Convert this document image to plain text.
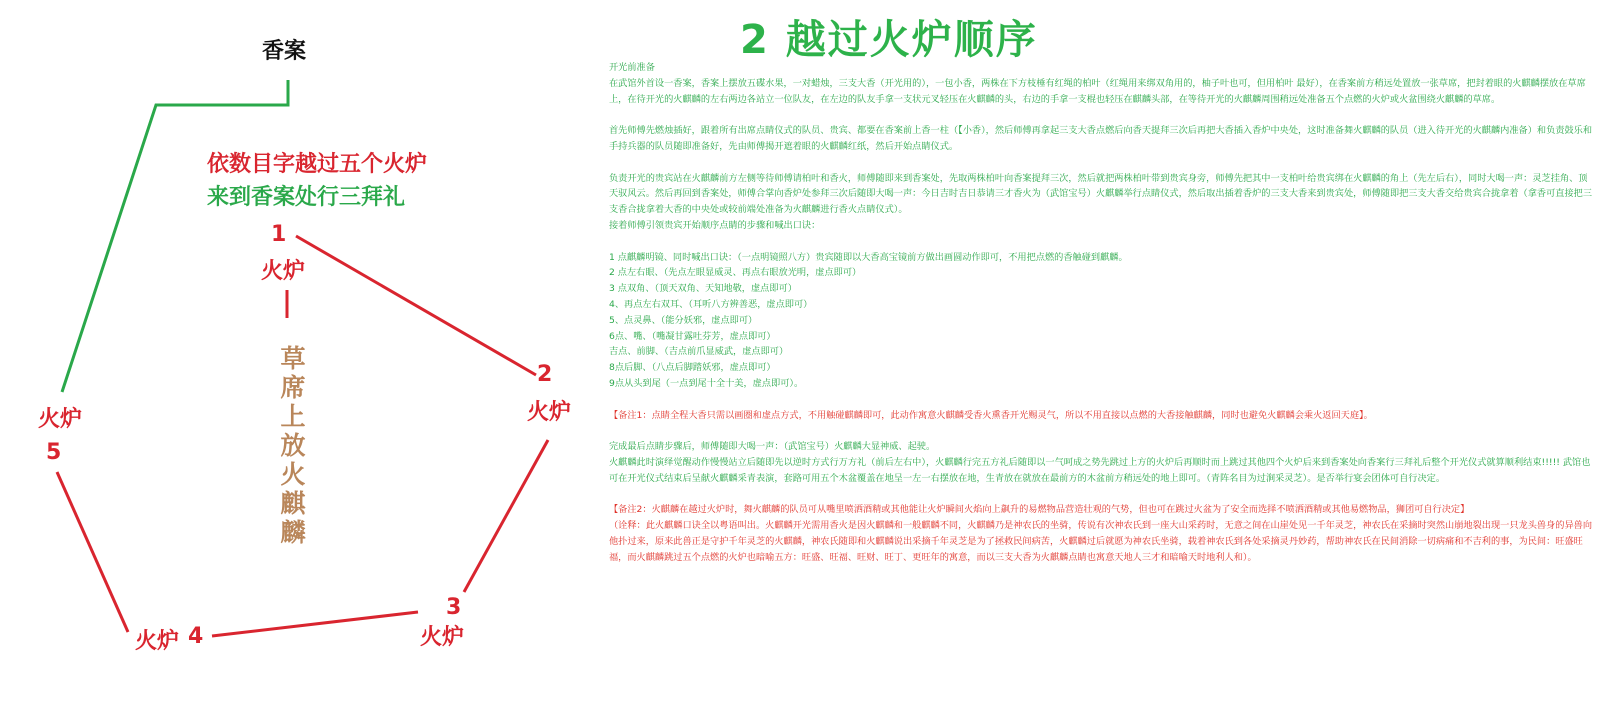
香案
依数目字越过五个火炉
来到香案处行三拜礼
草席上放火麒麟
1
火炉
2
火炉
3
火炉
火炉 4
火炉
5
2 越过火炉顺序

开光前准备

在武馆外首设一香案，香案上摆放五碟水果，一对蜡烛，三支大香（开光用的），一包小香，两株在下方枝棰有红绳的柏叶（红绳用来绑双角用的，柚子叶也可，但用柏叶 最好），在香案前方稍远处置放一张草席，把封着眼的火麒麟摆放在草席上，在待开光的火麒麟的左右两边各站立一位队友，在左边的队友手拿一支状元叉轻压在火麒麟的头，右边的手拿一支棍也轻压在麒麟头部，在等待开光的火麒麟周围稍远处准备五个点燃的火炉或火盆围绕火麒麟的草席。

首先师傅先燃烛插好，跟着所有出席点睛仪式的队员、贵宾、都要在香案前上香一柱（【小香），然后师傅再拿起三支大香点燃后向香天提拜三次后再把大香插入香炉中央处，这时准备舞火麒麟的队员（进入待开光的火麒麟内准备）和负责鼓乐和手持兵器的队员随即准备好，先由师傅揭开遮着眼的火麒麟红纸，然后开始点睛仪式。

负责开光的贵宾站在火麒麟前方左侧等待师傅请柏叶和香火，师傅随即来到香案处，先取两株柏叶向香案提拜三次，然后就把两株柏叶带到贵宾身旁，师傅先把其中一支柏叶给贵宾绑在火麒麟的角上（先左后右），同时大喝一声：灵芝挂角、顶天驭风云。然后再回到香案处，师傅合掌向香炉处参拜三次后随即大喝一声：今日吉时吉日恭请三才香火为（武馆宝号）火麒麟举行点睛仪式，然后取出插着香炉的三支大香来到贵宾处，师傅随即把三支大香交给贵宾合拢拿着（拿香可直接把三支香合拢拿着大香的中央处或较前端处准备为火麒麟进行香火点睛仪式）。

接着师傅引领贵宾开始顺序点睛的步骤和喊出口诀：

1 点麒麟明镜、同时喊出口诀：（一点明镜照八方）贵宾随即以大香高宝镜前方做出画圆动作即可，不用把点燃的香触碰到麒麟。

2 点左右眼、（先点左眼显威灵、再点右眼放光明，虚点即可）

3 点双角、（顶天双角、天知地敬，虚点即可）

4、再点左右双耳、（耳听八方辨善恶，虚点即可）

5、点灵鼻、（能分妖邪，虚点即可）

6点、嘴、（嘴凝甘露吐芬芳，虚点即可）

吉点、前脚、（吉点前爪显威武，虚点即可）

8点后脚、（八点后脚踏妖邪，虚点即可）

9点从头到尾（一点到尾十全十美，虚点即可）。

【备注1：点睛全程大香只需以画圈和虚点方式，不用触碰麒麟即可，此动作寓意火麒麟受香火熏香开光赐灵气，所以不用直接以点燃的大香接触麒麟，同时也避免火麒麟会乘火返回天庭】。

完成最后点睛步骤后，师傅随即大喝一声：（武馆宝号）火麒麟大显神威、起驶。

火麒麟此时演绎觉醒动作慢慢站立后随即先以逆时方式行万方礼（前后左右中），火麒麟行完五方礼后随即以一气呵成之势先跳过上方的火炉后再顺时而上跳过其他四个火炉后来到香案处向香案行三拜礼后整个开光仪式就算顺利结束!!!!! 武馆也可在开光仪式结束后呈献火麒麟采青表演，套路可用五个木盆覆盖在地呈一左一右摆放在地，生青放在就放在最前方的木盆前方稍远处的地上即可。（青阵名目为过涧采灵芝）。是否举行宴会团体可自行决定。

【备注2：火麒麟在越过火炉时，舞火麒麟的队员可从嘴里喷洒酒精或其他能让火炉瞬间火焰向上飙升的易燃物品营造壮观的气势，但也可在跳过火盆为了安全而选择不喷洒酒精或其他易燃物品，狮团可自行决定】

（诠释：此火麒麟口诀全以粤语叫出。火麒麟开光需用香火是因火麒麟和一般麒麟不同，火麒麟乃是神农氏的坐骑，传说有次神农氏到一座大山采药时，无意之间在山崖处见一千年灵芝，神农氏在采摘时突然山崩地裂出现一只龙头兽身的异兽向他扑过来，原来此兽正是守护千年灵芝的火麒麟，神农氏随即和火麒麟说出采摘千年灵芝是为了拯救民间病苦，火麒麟过后就愿为神农氏坐骑，载着神农氏到各处采摘灵丹妙药，帮助神农氏在民间消除一切病痛和不吉利的事，为民间：旺盛旺福，而火麒麟跳过五个点燃的火炉也暗喻五方：旺盛、旺福、旺财、旺丁、更旺年的寓意，而以三支大香为火麒麟点睛也寓意天地人三才和暗喻天时地利人和）。
